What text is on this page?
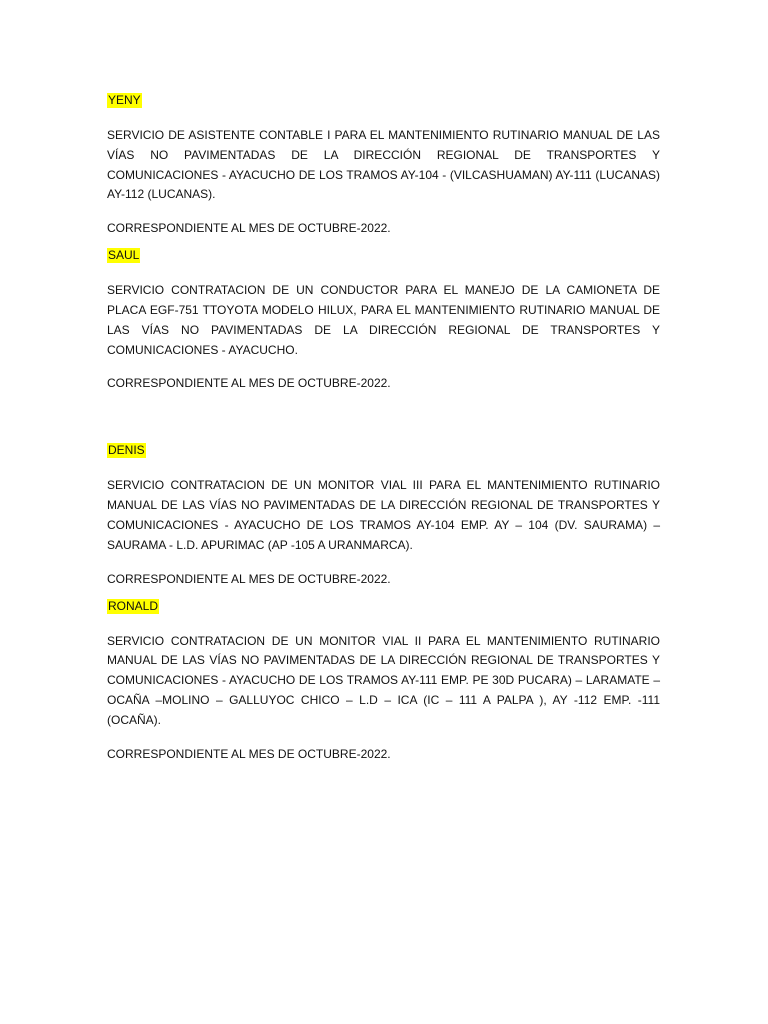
YENY

SERVICIO DE ASISTENTE CONTABLE I PARA EL MANTENIMIENTO RUTINARIO MANUAL DE LAS VÍAS NO PAVIMENTADAS DE LA DIRECCIÓN REGIONAL DE TRANSPORTES Y COMUNICACIONES - AYACUCHO DE LOS TRAMOS AY-104 - (VILCASHUAMAN) AY-111 (LUCANAS) AY-112 (LUCANAS).

CORRESPONDIENTE AL MES DE OCTUBRE-2022.

SAUL

SERVICIO CONTRATACION DE UN CONDUCTOR PARA EL MANEJO DE LA CAMIONETA DE PLACA EGF-751 TTOYOTA MODELO HILUX, PARA EL MANTENIMIENTO RUTINARIO MANUAL DE LAS VÍAS NO PAVIMENTADAS DE LA DIRECCIÓN REGIONAL DE TRANSPORTES Y COMUNICACIONES - AYACUCHO.

CORRESPONDIENTE AL MES DE OCTUBRE-2022.

DENIS

SERVICIO CONTRATACION DE UN MONITOR VIAL III PARA EL MANTENIMIENTO RUTINARIO MANUAL DE LAS VÍAS NO PAVIMENTADAS DE LA DIRECCIÓN REGIONAL DE TRANSPORTES Y COMUNICACIONES - AYACUCHO DE LOS TRAMOS AY-104 EMP. AY – 104 (DV. SAURAMA) – SAURAMA - L.D. APURIMAC (AP -105 A URANMARCA).

CORRESPONDIENTE AL MES DE OCTUBRE-2022.

RONALD

SERVICIO CONTRATACION DE UN MONITOR VIAL II PARA EL MANTENIMIENTO RUTINARIO MANUAL DE LAS VÍAS NO PAVIMENTADAS DE LA DIRECCIÓN REGIONAL DE TRANSPORTES Y COMUNICACIONES - AYACUCHO DE LOS TRAMOS AY-111 EMP. PE 30D PUCARA) – LARAMATE – OCAÑA –MOLINO – GALLUYOC CHICO – L.D – ICA (IC – 111 A PALPA ), AY -112 EMP. -111 (OCAÑA).

CORRESPONDIENTE AL MES DE OCTUBRE-2022.
